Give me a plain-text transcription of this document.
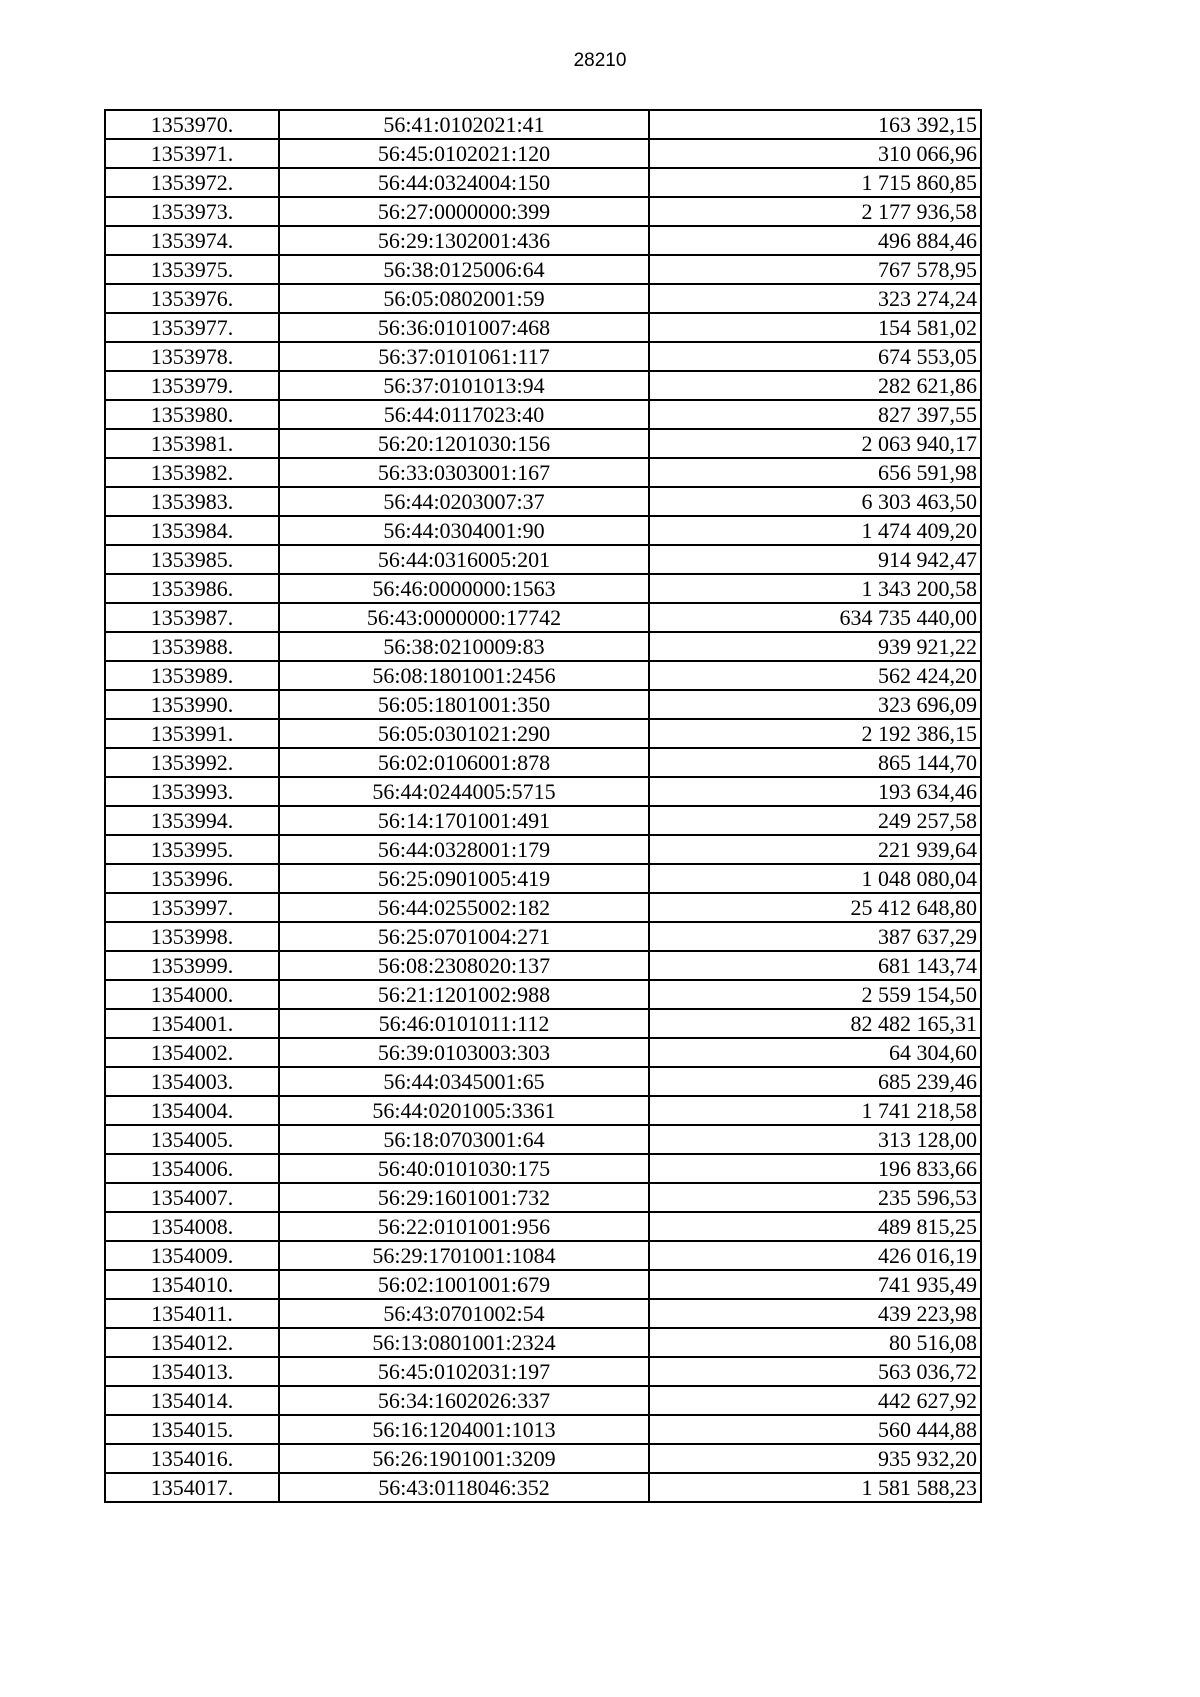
28210
1353970.	56:41:0102021:41	163 392,15
1353971.	56:45:0102021:120	310 066,96
1353972.	56:44:0324004:150	1 715 860,85
1353973.	56:27:0000000:399	2 177 936,58
1353974.	56:29:1302001:436	496 884,46
1353975.	56:38:0125006:64	767 578,95
1353976.	56:05:0802001:59	323 274,24
1353977.	56:36:0101007:468	154 581,02
1353978.	56:37:0101061:117	674 553,05
1353979.	56:37:0101013:94	282 621,86
1353980.	56:44:0117023:40	827 397,55
1353981.	56:20:1201030:156	2 063 940,17
1353982.	56:33:0303001:167	656 591,98
1353983.	56:44:0203007:37	6 303 463,50
1353984.	56:44:0304001:90	1 474 409,20
1353985.	56:44:0316005:201	914 942,47
1353986.	56:46:0000000:1563	1 343 200,58
1353987.	56:43:0000000:17742	634 735 440,00
1353988.	56:38:0210009:83	939 921,22
1353989.	56:08:1801001:2456	562 424,20
1353990.	56:05:1801001:350	323 696,09
1353991.	56:05:0301021:290	2 192 386,15
1353992.	56:02:0106001:878	865 144,70
1353993.	56:44:0244005:5715	193 634,46
1353994.	56:14:1701001:491	249 257,58
1353995.	56:44:0328001:179	221 939,64
1353996.	56:25:0901005:419	1 048 080,04
1353997.	56:44:0255002:182	25 412 648,80
1353998.	56:25:0701004:271	387 637,29
1353999.	56:08:2308020:137	681 143,74
1354000.	56:21:1201002:988	2 559 154,50
1354001.	56:46:0101011:112	82 482 165,31
1354002.	56:39:0103003:303	64 304,60
1354003.	56:44:0345001:65	685 239,46
1354004.	56:44:0201005:3361	1 741 218,58
1354005.	56:18:0703001:64	313 128,00
1354006.	56:40:0101030:175	196 833,66
1354007.	56:29:1601001:732	235 596,53
1354008.	56:22:0101001:956	489 815,25
1354009.	56:29:1701001:1084	426 016,19
1354010.	56:02:1001001:679	741 935,49
1354011.	56:43:0701002:54	439 223,98
1354012.	56:13:0801001:2324	80 516,08
1354013.	56:45:0102031:197	563 036,72
1354014.	56:34:1602026:337	442 627,92
1354015.	56:16:1204001:1013	560 444,88
1354016.	56:26:1901001:3209	935 932,20
1354017.	56:43:0118046:352	1 581 588,23
